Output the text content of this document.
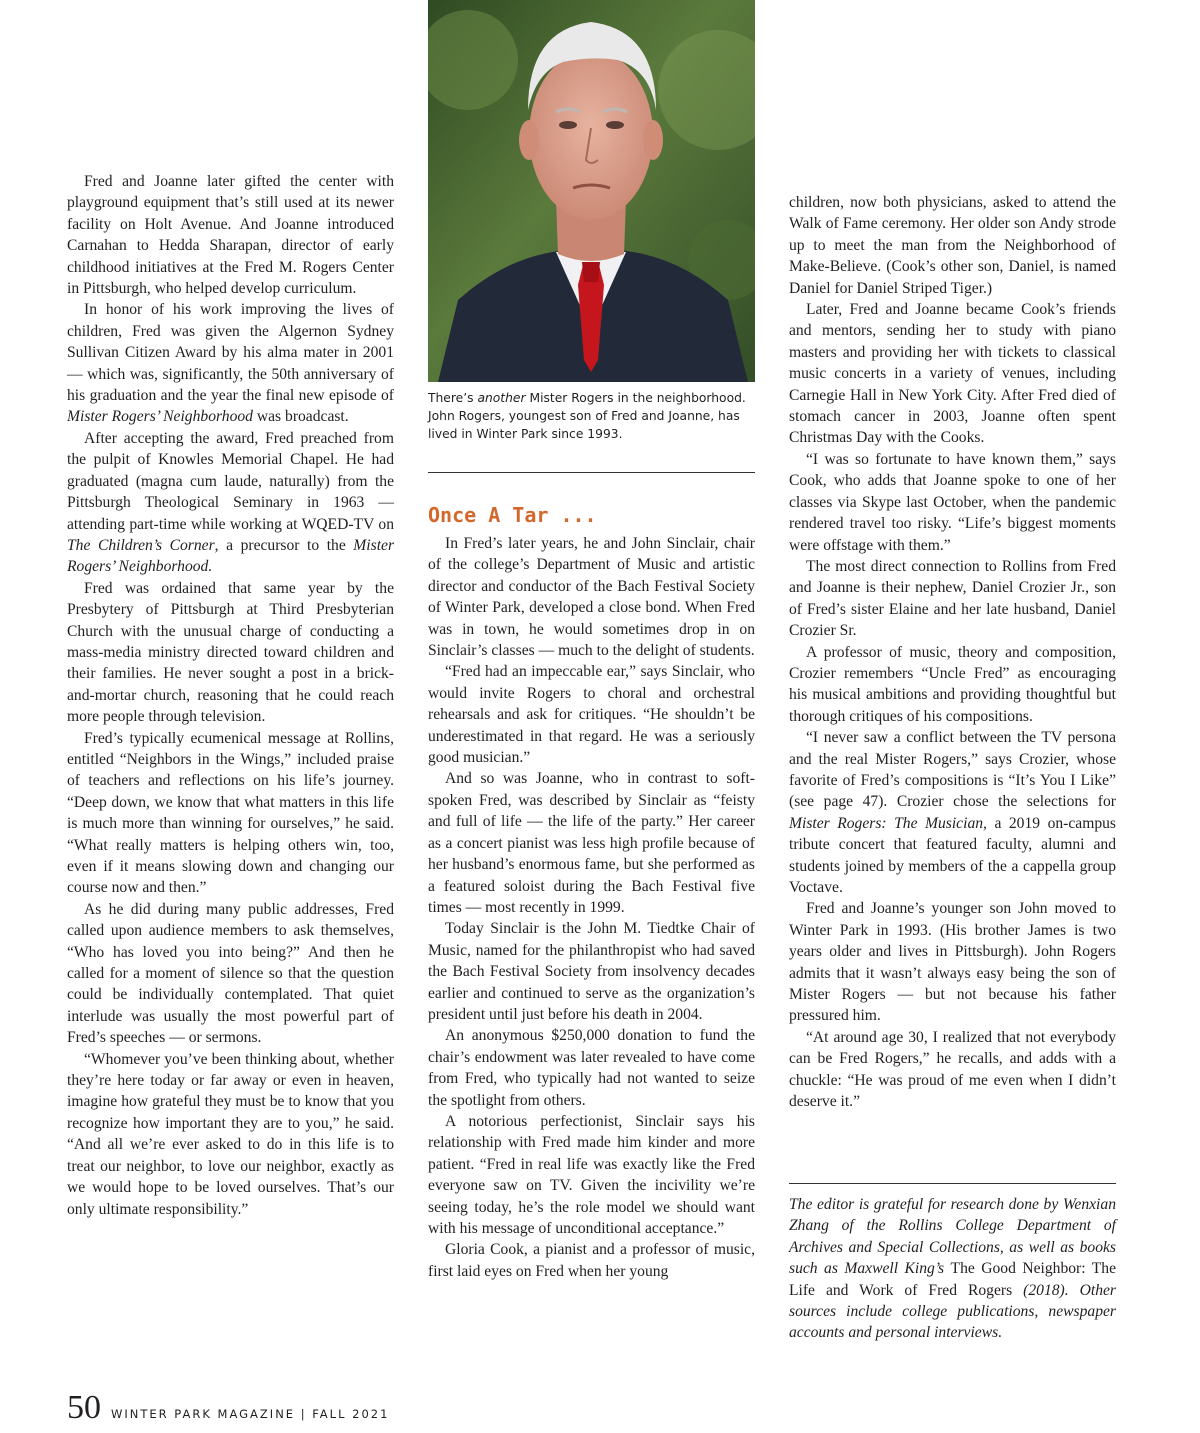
Fred and Joanne later gifted the center with playground equipment that’s still used at its newer facility on Holt Avenue. And Joanne introduced Carnahan to Hedda Sharapan, director of early childhood initiatives at the Fred M. Rogers Center in Pittsburgh, who helped develop curriculum.

In honor of his work improving the lives of children, Fred was given the Algernon Sydney Sullivan Citizen Award by his alma mater in 2001 — which was, significantly, the 50th anniversary of his graduation and the year the final new episode of Mister Rogers’ Neighborhood was broadcast.

After accepting the award, Fred preached from the pulpit of Knowles Memorial Chapel. He had graduated (magna cum laude, naturally) from the Pittsburgh Theological Seminary in 1963 — attending part-time while working at WQED-TV on The Children’s Corner, a precursor to the Mister Rogers’ Neighborhood.

Fred was ordained that same year by the Presbytery of Pittsburgh at Third Presbyterian Church with the unusual charge of conducting a mass-media ministry directed toward children and their families. He never sought a post in a brick-and-mortar church, reasoning that he could reach more people through television.

Fred’s typically ecumenical message at Rollins, entitled “Neighbors in the Wings,” included praise of teachers and reflections on his life’s journey. “Deep down, we know that what matters in this life is much more than winning for ourselves,” he said. “What really matters is helping others win, too, even if it means slowing down and changing our course now and then.”

As he did during many public addresses, Fred called upon audience members to ask themselves, “Who has loved you into being?” And then he called for a moment of silence so that the question could be individually contemplated. That quiet interlude was usually the most powerful part of Fred’s speeches — or sermons.

“Whomever you’ve been thinking about, whether they’re here today or far away or even in heaven, imagine how grateful they must be to know that you recognize how important they are to you,” he said. “And all we’re ever asked to do in this life is to treat our neighbor, to love our neighbor, exactly as we would hope to be loved ourselves. That’s our only ultimate responsibility.”

There’s another Mister Rogers in the neighborhood. John Rogers, youngest son of Fred and Joanne, has lived in Winter Park since 1993.
Once A Tar ...

In Fred’s later years, he and John Sinclair, chair of the college’s Department of Music and artistic director and conductor of the Bach Festival Society of Winter Park, developed a close bond. When Fred was in town, he would sometimes drop in on Sinclair’s classes — much to the delight of students.

“Fred had an impeccable ear,” says Sinclair, who would invite Rogers to choral and orchestral rehearsals and ask for critiques. “He shouldn’t be underestimated in that regard. He was a seriously good musician.”

And so was Joanne, who in contrast to soft-spoken Fred, was described by Sinclair as “feisty and full of life — the life of the party.” Her career as a concert pianist was less high profile because of her husband’s enormous fame, but she performed as a featured soloist during the Bach Festival five times — most recently in 1999.

Today Sinclair is the John M. Tiedtke Chair of Music, named for the philanthropist who had saved the Bach Festival Society from insolvency decades earlier and continued to serve as the organization’s president until just before his death in 2004.

An anonymous $250,000 donation to fund the chair’s endowment was later revealed to have come from Fred, who typically had not wanted to seize the spotlight from others.

A notorious perfectionist, Sinclair says his relationship with Fred made him kinder and more patient. “Fred in real life was exactly like the Fred everyone saw on TV. Given the incivility we’re seeing today, he’s the role model we should want with his message of unconditional acceptance.”

Gloria Cook, a pianist and a professor of music, first laid eyes on Fred when her young

children, now both physicians, asked to attend the Walk of Fame ceremony. Her older son Andy strode up to meet the man from the Neighborhood of Make-Believe. (Cook’s other son, Daniel, is named Daniel for Daniel Striped Tiger.)

Later, Fred and Joanne became Cook’s friends and mentors, sending her to study with piano masters and providing her with tickets to classical music concerts in a variety of venues, including Carnegie Hall in New York City. After Fred died of stomach cancer in 2003, Joanne often spent Christmas Day with the Cooks.

“I was so fortunate to have known them,” says Cook, who adds that Joanne spoke to one of her classes via Skype last October, when the pandemic rendered travel too risky. “Life’s biggest moments were offstage with them.”

The most direct connection to Rollins from Fred and Joanne is their nephew, Daniel Crozier Jr., son of Fred’s sister Elaine and her late husband, Daniel Crozier Sr.

A professor of music, theory and composition, Crozier remembers “Uncle Fred” as encouraging his musical ambitions and providing thoughtful but thorough critiques of his compositions.

“I never saw a conflict between the TV persona and the real Mister Rogers,” says Crozier, whose favorite of Fred’s compositions is “It’s You I Like” (see page 47). Crozier chose the selections for Mister Rogers: The Musician, a 2019 on-campus tribute concert that featured faculty, alumni and students joined by members of the a cappella group Voctave.

Fred and Joanne’s younger son John moved to Winter Park in 1993. (His brother James is two years older and lives in Pittsburgh). John Rogers admits that it wasn’t always easy being the son of Mister Rogers — but not because his father pressured him.

“At around age 30, I realized that not everybody can be Fred Rogers,” he recalls, and adds with a chuckle: “He was proud of me even when I didn’t deserve it.”

The editor is grateful for research done by Wenxian Zhang of the Rollins College Department of Archives and Special Collections, as well as books such as Maxwell King’s The Good Neighbor: The Life and Work of Fred Rogers (2018). Other sources include college publications, newspaper accounts and personal interviews.
50 WINTER PARK MAGAZINE | FALL 2021
